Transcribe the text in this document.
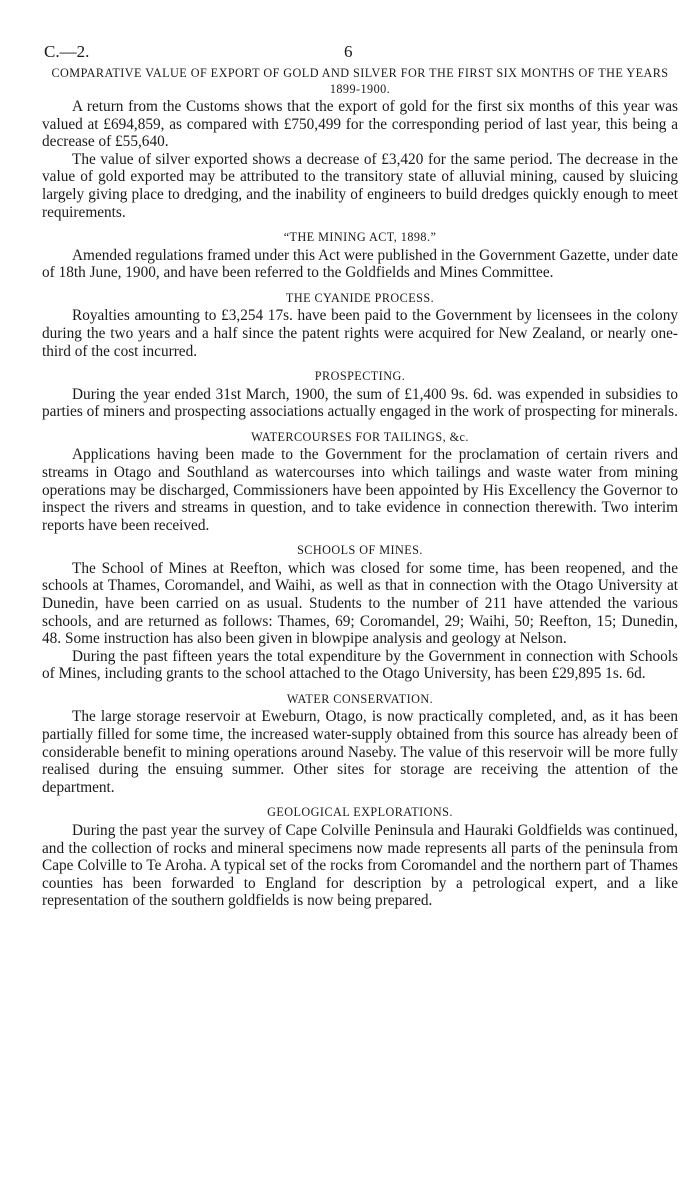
C.—2.	6
COMPARATIVE VALUE OF EXPORT OF GOLD AND SILVER FOR THE FIRST SIX MONTHS OF THE YEARS 1899-1900.

A return from the Customs shows that the export of gold for the first six months of this year was valued at £694,859, as compared with £750,499 for the corresponding period of last year, this being a decrease of £55,640.

The value of silver exported shows a decrease of £3,420 for the same period. The decrease in the value of gold exported may be attributed to the transitory state of alluvial mining, caused by sluicing largely giving place to dredging, and the inability of engineers to build dredges quickly enough to meet requirements.

“THE MINING ACT, 1898.”

Amended regulations framed under this Act were published in the Government Gazette, under date of 18th June, 1900, and have been referred to the Goldfields and Mines Committee.

THE CYANIDE PROCESS.

Royalties amounting to £3,254 17s. have been paid to the Government by licensees in the colony during the two years and a half since the patent rights were acquired for New Zealand, or nearly one-third of the cost incurred.

PROSPECTING.

During the year ended 31st March, 1900, the sum of £1,400 9s. 6d. was expended in subsidies to parties of miners and prospecting associations actually engaged in the work of prospecting for minerals.

WATERCOURSES FOR TAILINGS, &c.

Applications having been made to the Government for the proclamation of certain rivers and streams in Otago and Southland as watercourses into which tailings and waste water from mining operations may be discharged, Commissioners have been appointed by His Excellency the Governor to inspect the rivers and streams in question, and to take evidence in connection therewith. Two interim reports have been received.

SCHOOLS OF MINES.

The School of Mines at Reefton, which was closed for some time, has been reopened, and the schools at Thames, Coromandel, and Waihi, as well as that in connection with the Otago University at Dunedin, have been carried on as usual. Students to the number of 211 have attended the various schools, and are returned as follows: Thames, 69; Coromandel, 29; Waihi, 50; Reefton, 15; Dunedin, 48. Some instruction has also been given in blowpipe analysis and geology at Nelson.

During the past fifteen years the total expenditure by the Government in connection with Schools of Mines, including grants to the school attached to the Otago University, has been £29,895 1s. 6d.

WATER CONSERVATION.

The large storage reservoir at Eweburn, Otago, is now practically completed, and, as it has been partially filled for some time, the increased water-supply obtained from this source has already been of considerable benefit to mining operations around Naseby. The value of this reservoir will be more fully realised during the ensuing summer. Other sites for storage are receiving the attention of the department.

GEOLOGICAL EXPLORATIONS.

During the past year the survey of Cape Colville Peninsula and Hauraki Goldfields was continued, and the collection of rocks and mineral specimens now made represents all parts of the peninsula from Cape Colville to Te Aroha. A typical set of the rocks from Coromandel and the northern part of Thames counties has been forwarded to England for description by a petrological expert, and a like representation of the southern goldfields is now being prepared.
